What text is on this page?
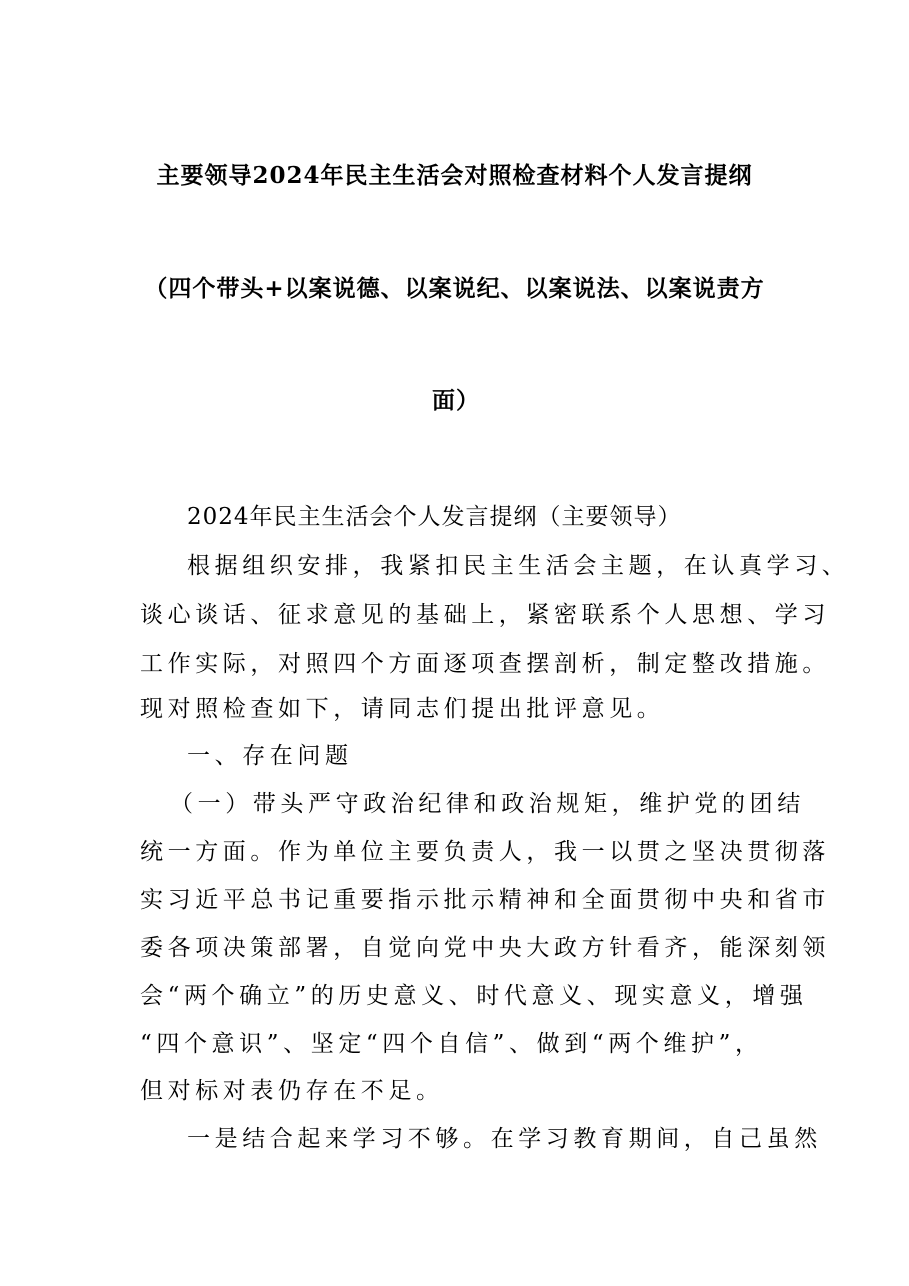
主要领导2024年民主生活会对照检查材料个人发言提纲
（四个带头+以案说德、以案说纪、以案说法、以案说责方
面）
2024年民主生活会个人发言提纲（主要领导）
根据组织安排，我紧扣民主生活会主题，在认真学习、
谈心谈话、征求意见的基础上，紧密联系个人思想、学习
工作实际，对照四个方面逐项查摆剖析，制定整改措施。
现对照检查如下，请同志们提出批评意见。
一、存在问题
（一）带头严守政治纪律和政治规矩，维护党的团结
统一方面。作为单位主要负责人，我一以贯之坚决贯彻落
实习近平总书记重要指示批示精神和全面贯彻中央和省市
委各项决策部署，自觉向党中央大政方针看齐，能深刻领
会“两个确立”的历史意义、时代意义、现实意义，增强
“四个意识”、坚定“四个自信”、做到“两个维护”，
但对标对表仍存在不足。
一是结合起来学习不够。在学习教育期间，自己虽然
